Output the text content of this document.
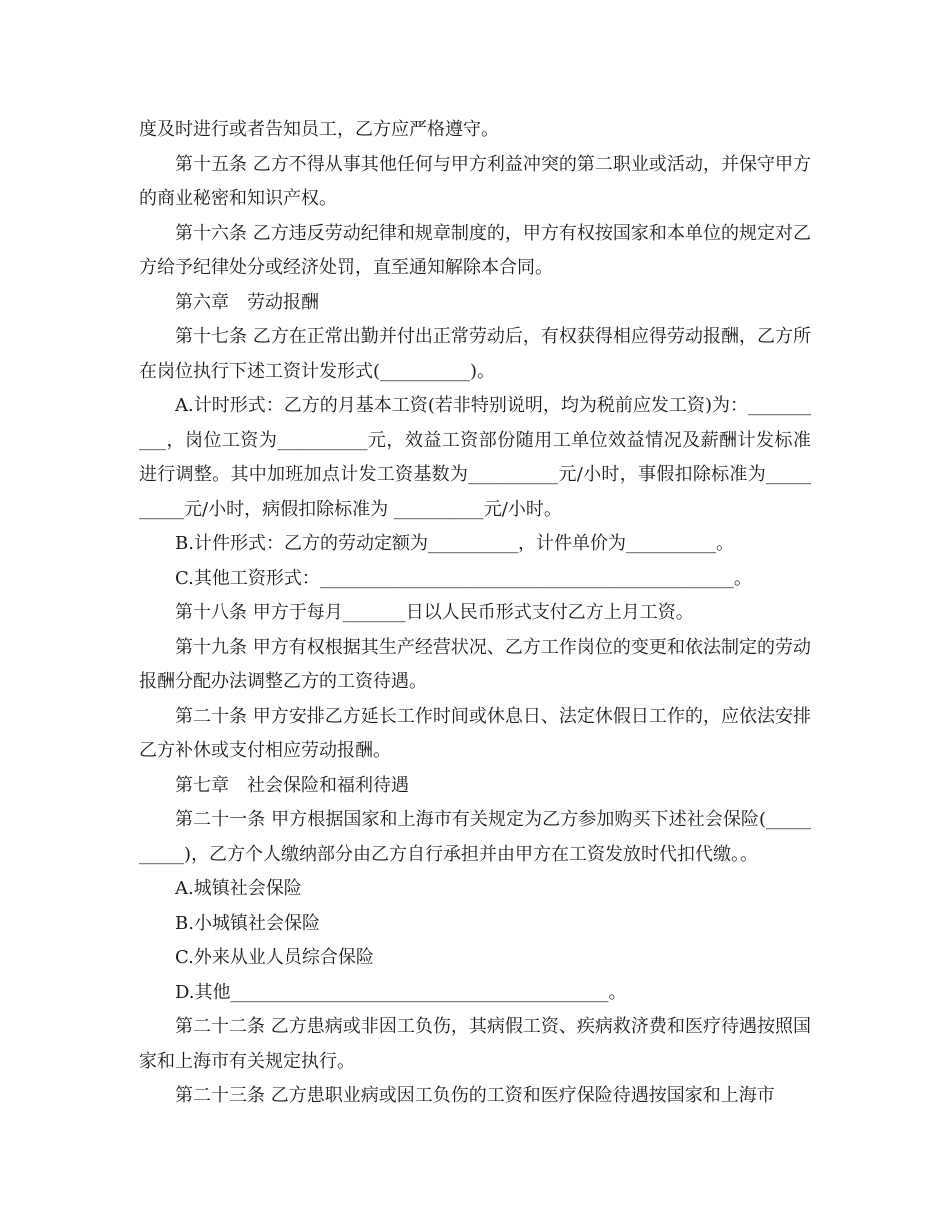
度及时进行或者告知员工，乙方应严格遵守。

第十五条 乙方不得从事其他任何与甲方利益冲突的第二职业或活动，并保守甲方的商业秘密和知识产权。

第十六条 乙方违反劳动纪律和规章制度的，甲方有权按国家和本单位的规定对乙方给予纪律处分或经济处罚，直至通知解除本合同。

第六章　劳动报酬

第十七条 乙方在正常出勤并付出正常劳动后，有权获得相应得劳动报酬，乙方所在岗位执行下述工资计发形式(__________)。

A.计时形式：乙方的月基本工资(若非特别说明，均为税前应发工资)为：__________，岗位工资为__________元，效益工资部份随用工单位效益情况及薪酬计发标准进行调整。其中加班加点计发工资基数为__________元/小时，事假扣除标准为__________元/小时，病假扣除标准为 __________元/小时。

B.计件形式：乙方的劳动定额为__________，计件单价为__________。

C.其他工资形式：______________________________________________。

第十八条 甲方于每月_______日以人民币形式支付乙方上月工资。

第十九条 甲方有权根据其生产经营状况、乙方工作岗位的变更和依法制定的劳动报酬分配办法调整乙方的工资待遇。

第二十条 甲方安排乙方延长工作时间或休息日、法定休假日工作的，应依法安排乙方补休或支付相应劳动报酬。

第七章　社会保险和福利待遇

第二十一条 甲方根据国家和上海市有关规定为乙方参加购买下述社会保险(__________)，乙方个人缴纳部分由乙方自行承担并由甲方在工资发放时代扣代缴。。

A.城镇社会保险

B.小城镇社会保险

C.外来从业人员综合保险

D.其他__________________________________________。

第二十二条 乙方患病或非因工负伤，其病假工资、疾病救济费和医疗待遇按照国家和上海市有关规定执行。

第二十三条 乙方患职业病或因工负伤的工资和医疗保险待遇按国家和上海市
